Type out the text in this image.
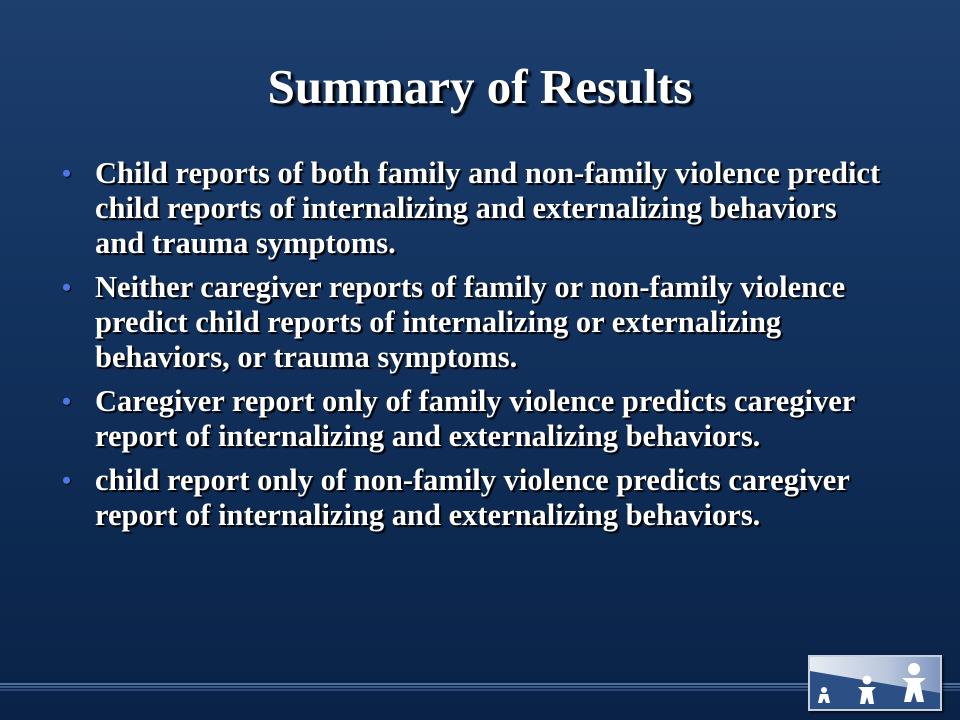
Summary of Results
• Child reports of both family and non-family violence predict child reports of internalizing and externalizing behaviors and trauma symptoms.
• Neither caregiver reports of family or non-family violence predict child reports of internalizing or externalizing behaviors, or trauma symptoms.
• Caregiver report only of family violence predicts caregiver report of internalizing and externalizing behaviors.
• child report only of non-family violence predicts caregiver report of internalizing and externalizing behaviors.
